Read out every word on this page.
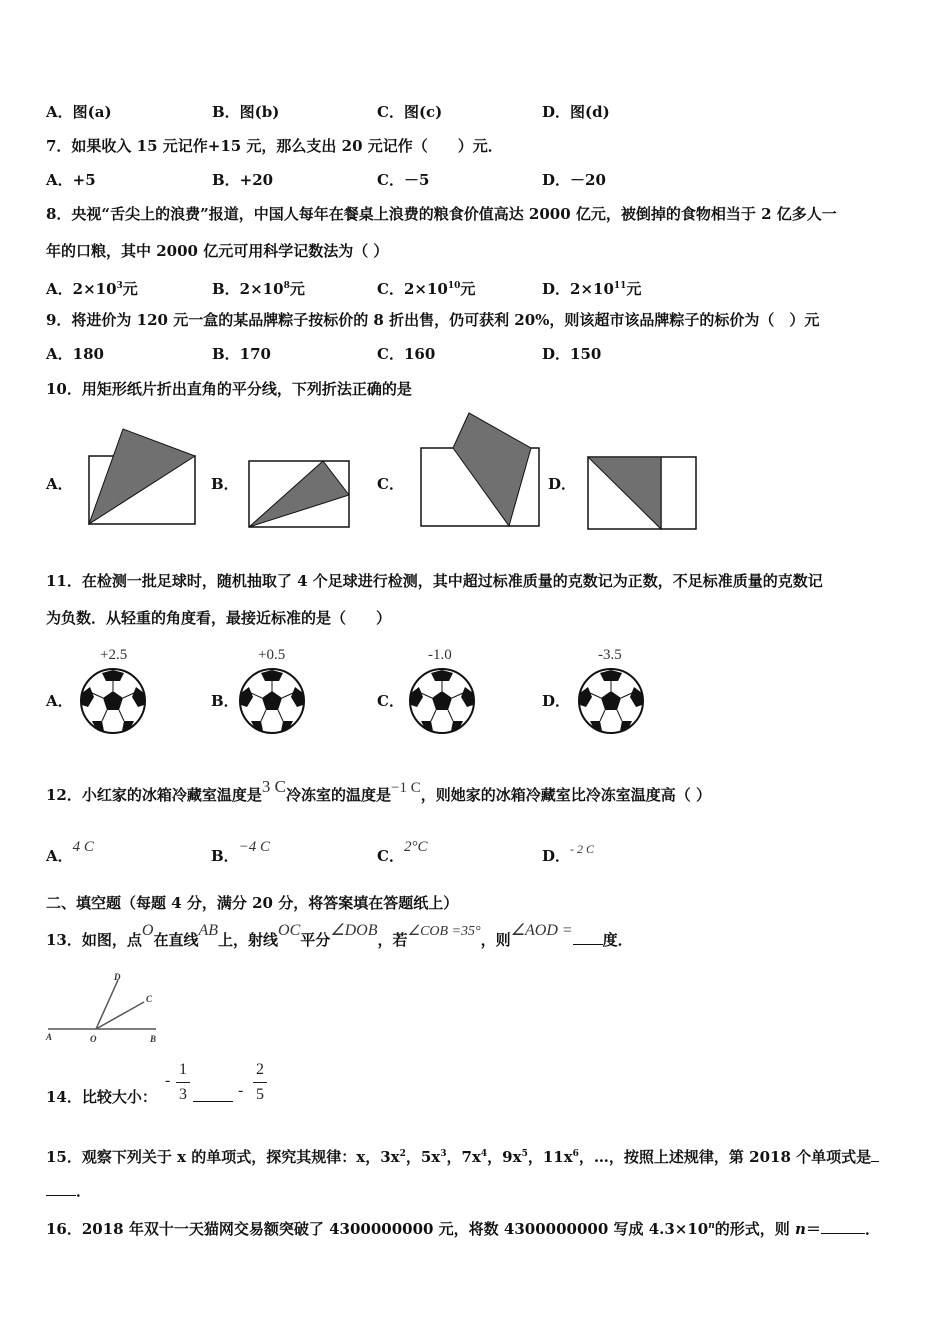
A．图(a)	B．图(b)	C．图(c)	D．图(d)
7．如果收入 15 元记作+15 元，那么支出 20 元记作（　　）元．
A．+5	B．+20	C．－5	D．－20
8．央视“舌尖上的浪费”报道，中国人每年在餐桌上浪费的粮食价值高达 2000 亿元，被倒掉的食物相当于 2 亿多人一
年的口粮，其中 2000 亿元可用科学记数法为（ ）
A．$2\times 10^3$元	B．$2\times 10^8$元	C．$2\times 10^{10}$元	D．$2\times 10^{11}$元
9．将进价为 120 元一盒的某品牌粽子按标价的 8 折出售，仍可获利 20%，则该超市该品牌粽子的标价为（　）元
A．180	B．170	C．160	D．150
10．用矩形纸片折出直角的平分线，下列折法正确的是
A．	B．	C．	D．
11．在检测一批足球时，随机抽取了 4 个足球进行检测，其中超过标准质量的克数记为正数，不足标准质量的克数记
为负数．从轻重的角度看，最接近标准的是（　　）
A．	B．	C．	D．
+2.5	+0.5	-1.0	-3.5
12．小红家的冰箱冷藏室温度是3 C冷冻室的温度是−1 C，则她家的冰箱冷藏室比冷冻室温度高（ ）
A．4 C	B．−4 C	C．2°C	D．$^{- 2 C}$
二、填空题（每题 4 分，满分 20 分，将答案填在答题纸上）
13．如图，点O在直线AB上，射线OC平分∠DOB，若∠COB =35°，则∠AOD =度．
D
C
A	O	B
14．比较大小：
-
1
3	-
2
5
15．观察下列关于 x 的单项式，探究其规律：x，$3x^2$，$5x^3$，$7x^4$，$9x^5$，$11x^6$，…，按照上述规律，第 2018 个单项式是
．
16．2018 年双十一天猫网交易额突破了 4300000000 元，将数 4300000000 写成 $4.3\times 10^n$的形式，则 n＝	．
